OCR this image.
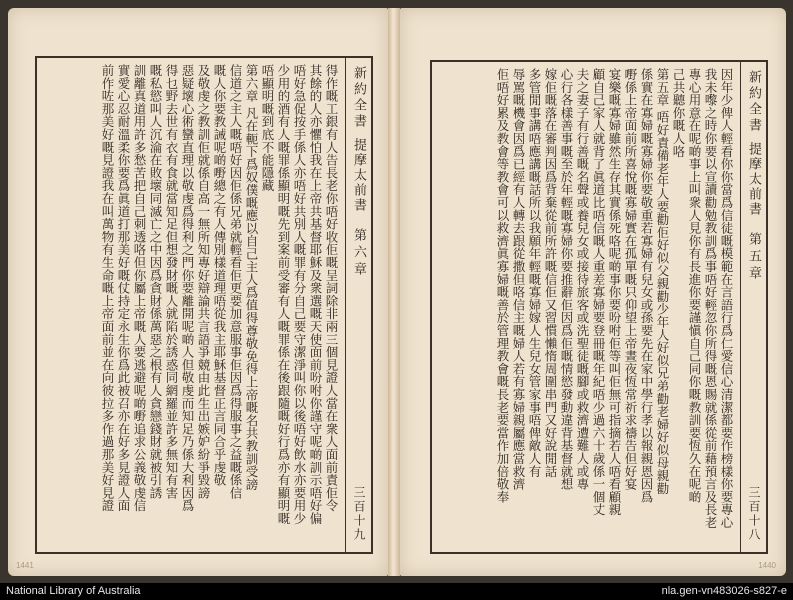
新約全書
提摩太前書
第六章
三百十九
得作嘅工銀有人告長老你唔好收佢嘅呈詞除非兩三個見證人當在衆人面前責佢令
其餘的人亦懼怕我在上帝共基督耶穌及衆選嘅天使面前吩咐你謹守呢啲訓示唔好偏
唔好急促按手係人亦唔好共別人嘅罪有分自己要守潔淨叫你以後唔好飲水亦要用少
少用的酒有人嘅罪係顯明嘅先到案前受審有人嘅罪係在後跟隨嘅好行爲亦有顯明嘅
唔顯明嘅到底不能隱藏
第六章 凡在軛下爲奴僕嘅應以自己主人爲值得尊敬免得上帝嘅名共教訓受謗
信道之主人嘅唔好因佢係兄弟就輕看佢更要加意服事佢因爲得服事之益嘅係信
嘅人你要教誡呢啲嘢總之有人傳別樣道理唔從我主耶穌基督正言同合乎虔敬
及敬虔之教訓佢就係自高一無所知專好辯論共言語爭競由此生出嫉妒紛爭毀謗
惡疑壞心術蠻直理以敬虔爲得利之門你要離開呢啲人但敬虔而知足乃係大利因爲
得乜野去世有衣有食就當知足但想發財嘅人就陷於誘惑同網羅並許多無知有害
嘅私慾叫人沉淪在敗壞同滅亡之中因爲貪財係萬惡之根有人貪戀錢財就被引誘
訓離真道用許多愁苦把自己刺透咯但你屬上帝嘅人要逃避呢啲嘢追求公義敬虔信
實愛心忍耐溫柔你要爲眞道打那美好嘅仗持定永生你爲此被召亦在好多見證人面
前作咗那美好嘅見證我在叫萬物有生命嘅上帝面前並在向彼拉多作過那美好見證
1441
新約全書
提摩太前書
第五章
三百十八
因年少俾人輕看你你當爲信徒嘅模範在言語行爲仁愛信心清潔都要作榜樣你要專心
我未嚟之時你要以宣讀勸勉教訓爲事唔好輕忽你所得嘅恩賜就係從前藉預言及長老
專心用意在呢啲事上叫衆人見你有長進你要謹愼自己同你嘅教訓要恆久在呢啲
己共聽你嘅人咯
第五章 唔好責備老年人要勸佢好似父親勸少年人好似兄弟勸老婦好似母親勸
係實在寡婦嘅寡婦你要敬重若寡婦有兒女或孫要先在家中學行孝以報親恩因爲
嘢係上帝面前所喜悅嘅寡婦實在孤單嘅只仰望上帝晝夜恆常祈求禱告但好宴
宴樂嘅寡婦雖然生存其實係死咯呢啲事你要吩咐佢等叫佢無可指摘若人唔看顧親
顧自己家人就背了眞道比唔信嘅人重差寡婦要登冊嘅年紀唔少過六十歲係一個丈
夫之妻子有行善嘅名聲或養兒女或接待旅客或洗聖徒嘅腳或救濟遭難人或專
心行各樣善事嘅至於年輕嘅寡婦你要推辭佢因爲佢嘅情慾發動違背基督就想
嫁佢嘅落在審判因爲背棄從前所許嘅信佢又習慣懶惰周圍串門又好說閒話
多管閒事講唔應講嘅話所以我願年輕嘅寡婦嫁人生兒女管家事唔俾敵人有
辱罵嘅機會因爲已經有人轉去跟從撒但咯信主嘅婦人若有寡婦親屬應當救濟
佢唔好累及教會等教會可以救濟眞寡婦嘅善於管理教會嘅長老要當作加倍敬奉
1440
National Library of Australia	nla.gen-vn483026-s827-e
